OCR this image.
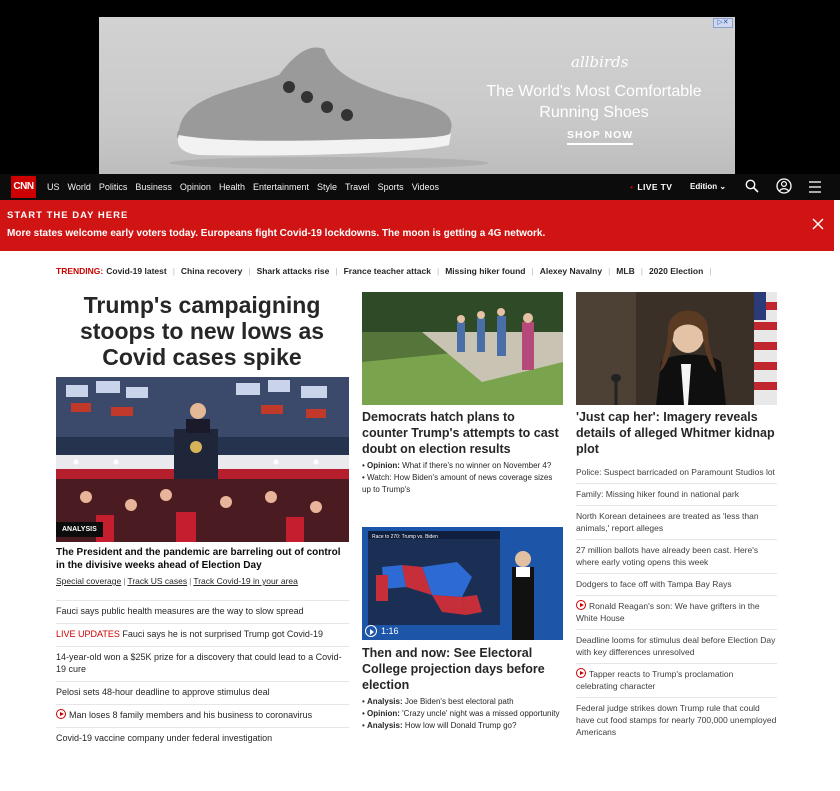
▷✕
allbirds
The World's Most Comfortable Running Shoes
SHOP NOW
CNN US World Politics Business Opinion Health Entertainment Style Travel Sports Videos	• LIVE TV Edition ⌄
START THE DAY HERE
More states welcome early voters today. Europeans fight Covid-19 lockdowns. The moon is getting a 4G network.
TRENDING: Covid-19 latest | China recovery | Shark attacks rise | France teacher attack | Missing hiker found | Alexey Navalny | MLB | 2020 Election |
Trump's campaigning stoops to new lows as Covid cases spike
ANALYSIS
The President and the pandemic are barreling out of control in the divisive weeks ahead of Election Day
Special coverage | Track US cases | Track Covid-19 in your area
Fauci says public health measures are the way to slow spread
LIVE UPDATES Fauci says he is not surprised Trump got Covid-19
14-year-old won a $25K prize for a discovery that could lead to a Covid-19 cure
Pelosi sets 48-hour deadline to approve stimulus deal
Man loses 8 family members and his business to coronavirus
Covid-19 vaccine company under federal investigation
Democrats hatch plans to counter Trump's attempts to cast doubt on election results
• Opinion: What if there's no winner on November 4?
• Watch: How Biden's amount of news coverage sizes up to Trump's
Race to 270: Trump vs. Biden
1:16
Then and now: See Electoral College projection days before election
• Analysis: Joe Biden's best electoral path
• Opinion: 'Crazy uncle' night was a missed opportunity
• Analysis: How low will Donald Trump go?
'Just cap her': Imagery reveals details of alleged Whitmer kidnap plot
Police: Suspect barricaded on Paramount Studios lot
Family: Missing hiker found in national park
North Korean detainees are treated as 'less than animals,' report alleges
27 million ballots have already been cast. Here's where early voting opens this week
Dodgers to face off with Tampa Bay Rays
Ronald Reagan's son: We have grifters in the White House
Deadline looms for stimulus deal before Election Day with key differences unresolved
Tapper reacts to Trump's proclamation celebrating character
Federal judge strikes down Trump rule that could have cut food stamps for nearly 700,000 unemployed Americans
